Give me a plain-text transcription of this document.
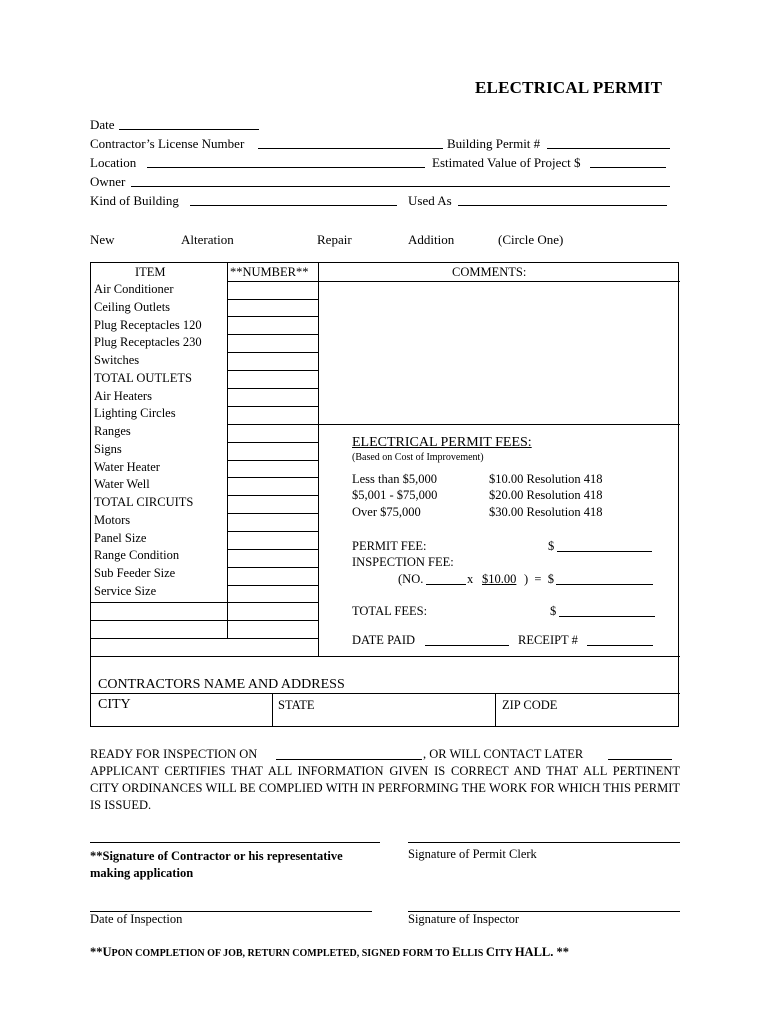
ELECTRICAL PERMIT
Date
Contractor’s License Number	Building Permit #
Location	Estimated Value of Project $
Owner
Kind of Building	Used As
New	Alteration	Repair	Addition	(Circle One)
ITEM	**NUMBER**	COMMENTS:
Air Conditioner
Ceiling Outlets
Plug Receptacles 120
Plug Receptacles 230
Switches
TOTAL OUTLETS
Air Heaters
Lighting Circles
Ranges
Signs
Water Heater
Water Well
TOTAL CIRCUITS
Motors
Panel Size
Range Condition
Sub Feeder Size
Service Size
ELECTRICAL PERMIT FEES:
(Based on Cost of Improvement)
Less than $5,000	$10.00 Resolution 418
$5,001 - $75,000	$20.00 Resolution 418
Over $75,000	$30.00 Resolution 418
PERMIT FEE:	$
INSPECTION FEE:
(NO.	x $10.00 )  =  $
TOTAL FEES:	$
DATE PAID	RECEIPT #
CONTRACTORS NAME AND ADDRESS
CITY	STATE	ZIP CODE
READY FOR INSPECTION ON	, OR WILL CONTACT LATER
APPLICANT CERTIFIES THAT ALL INFORMATION GIVEN IS CORRECT AND THAT ALL PERTINENT CITY ORDINANCES WILL BE COMPLIED WITH IN PERFORMING THE WORK FOR WHICH THIS PERMIT IS ISSUED.
**Signature of Contractor or his representative making application
Signature of Permit Clerk
Date of Inspection	Signature of Inspector
**UPON COMPLETION OF JOB, RETURN COMPLETED, SIGNED FORM TO ELLIS CITY HALL. **
